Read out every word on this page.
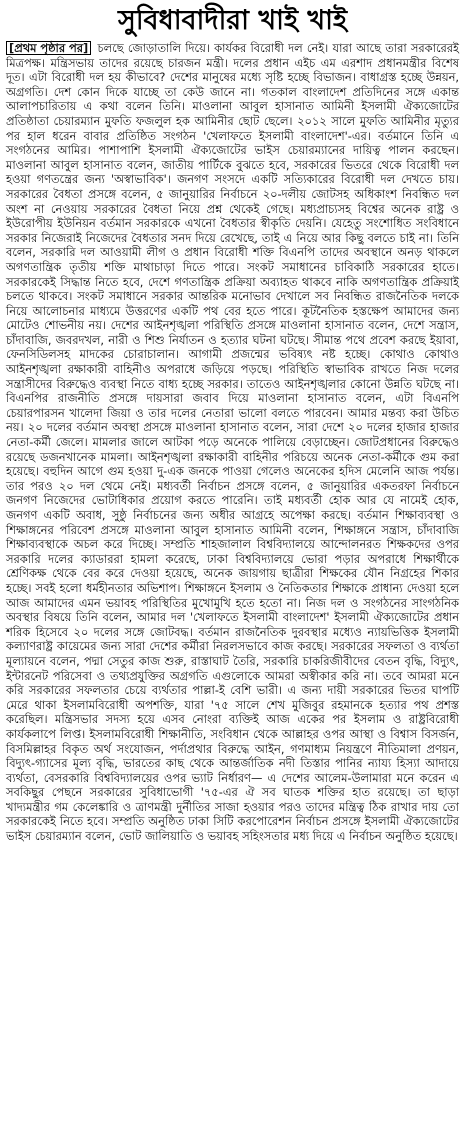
সুবিধাবাদীরা খাই খাই

[প্রথম পৃষ্ঠার পর] চলছে জোড়াতালি দিয়ে। কার্যকর বিরোধী দল নেই। যারা আছে তারা সরকারেরই মিত্রপক্ষ। মন্ত্রিসভায় তাদের রয়েছে চারজন মন্ত্রী। দলের প্রধান এইচ এম এরশাদ প্রধানমন্ত্রীর বিশেষ দূত। এটা বিরোধী দল হয় কীভাবে? দেশের মানুষের মধ্যে সৃষ্টি হচ্ছে বিভাজন। বাধাগ্রস্ত হচ্ছে উন্নয়ন, অগ্রগতি। দেশ কোন দিকে যাচ্ছে তা কেউ জানে না। গতকাল বাংলাদেশ প্রতিদিনের সঙ্গে একান্ত আলাপচারিতায় এ কথা বলেন তিনি। মাওলানা আবুল হাসানাত আমিনী ইসলামী ঐক্যজোটের প্রতিষ্ঠাতা চেয়ারম্যান মুফতি ফজলুল হক আমিনীর ছোট ছেলে। ২০১২ সালে মুফতি আমিনীর মৃত্যুর পর হাল ধরেন বাবার প্রতিষ্ঠিত সংগঠন 'খেলাফতে ইসলামী বাংলাদেশ'-এর। বর্তমানে তিনি এ সংগঠনের আমির। পাশাপাশি ইসলামী ঐক্যজোটের ভাইস চেয়ারম্যানের দায়িত্ব পালন করছেন। মাওলানা আবুল হাসানাত বলেন, জাতীয় পার্টিকে বুঝতে হবে, সরকারের ভিতরে থেকে বিরোধী দল হওয়া গণতন্ত্রের জন্য 'অস্বাভাবিক'। জনগণ সংসদে একটি সত্যিকারের বিরোধী দল দেখতে চায়। সরকারের বৈধতা প্রসঙ্গে বলেন, ৫ জানুয়ারির নির্বাচনে ২০-দলীয় জোটসহ অধিকাংশ নিবন্ধিত দল অংশ না নেওয়ায় সরকারের বৈধতা নিয়ে প্রশ্ন থেকেই গেছে। মধ্যপ্রাচ্যসহ বিশ্বের অনেক রাষ্ট্র ও ইউরোপীয় ইউনিয়ন বর্তমান সরকারকে এখনো বৈধতার স্বীকৃতি দেয়নি। যেহেতু সংশোধিত সংবিধানে সরকার নিজেরাই নিজেদের বৈধতার সনদ দিয়ে রেখেছে, তাই এ নিয়ে আর কিছু বলতে চাই না। তিনি বলেন, সরকারি দল আওয়ামী লীগ ও প্রধান বিরোধী শক্তি বিএনপি তাদের অবস্থানে অনড় থাকলে অগণতান্ত্রিক তৃতীয় শক্তি মাথাচাড়া দিতে পারে। সংকট সমাধানের চাবিকাঠি সরকারের হাতে। সরকারকেই সিদ্ধান্ত নিতে হবে, দেশে গণতান্ত্রিক প্রক্রিয়া অব্যাহত থাকবে নাকি অগণতান্ত্রিক প্রক্রিয়াই চলতে থাকবে। সংকট সমাধানে সরকার আন্তরিক মনোভাব দেখালে সব নিবন্ধিত রাজনৈতিক দলকে নিয়ে আলোচনার মাধ্যমে উত্তরণের একটি পথ বের হতে পারে। কূটনৈতিক হস্তক্ষেপ আমাদের জন্য মোটেও শোভনীয় নয়। দেশের আইনশৃঙ্খলা পরিস্থিতি প্রসঙ্গে মাওলানা হাসানাত বলেন, দেশে সন্ত্রাস, চাঁদাবাজি, জবরদখল, নারী ও শিশু নির্যাতন ও হত্যার ঘটনা ঘটছে। সীমান্ত পথে প্রবেশ করছে ইয়াবা, ফেনসিডিলসহ মাদকের চোরাচালান। আগামী প্রজন্মের ভবিষ্যৎ নষ্ট হচ্ছে। কোথাও কোথাও আইনশৃঙ্খলা রক্ষাকারী বাহিনীও অপরাধে জড়িয়ে পড়ছে। পরিস্থিতি স্বাভাবিক রাখতে নিজ দলের সন্ত্রাসীদের বিরুদ্ধেও ব্যবস্থা নিতে বাধ্য হচ্ছে সরকার। তাতেও আইনশৃঙ্খলার কোনো উন্নতি ঘটছে না। বিএনপির রাজনীতি প্রসঙ্গে দায়সারা জবাব দিয়ে মাওলানা হাসানাত বলেন, এটা বিএনপি চেয়ারপারসন খালেদা জিয়া ও তার দলের নেতারা ভালো বলতে পারবেন। আমার মন্তব্য করা উচিত নয়। ২০ দলের বর্তমান অবস্থা প্রসঙ্গে মাওলানা হাসানাত বলেন, সারা দেশে ২০ দলের হাজার হাজার নেতা-কর্মী জেলে। মামলার জালে আটকা পড়ে অনেকে পালিয়ে বেড়াচ্ছেন। জোটপ্রধানের বিরুদ্ধেও রয়েছে ডজনখানেক মামলা। আইনশৃঙ্খলা রক্ষাকারী বাহিনীর পরিচয়ে অনেক নেতা-কর্মীকে গুম করা হয়েছে। বহুদিন আগে গুম হওয়া দু-এক জনকে পাওয়া গেলেও অনেকের হদিস মেলেনি আজ পর্যন্ত। তার পরও ২০ দল থেমে নেই। মধ্যবর্তী নির্বাচন প্রসঙ্গে বলেন, ৫ জানুয়ারির একতরফা নির্বাচনে জনগণ নিজেদের ভোটাধিকার প্রয়োগ করতে পারেনি। তাই মধ্যবর্তী হোক আর যে নামেই হোক, জনগণ একটি অবাধ, সুষ্ঠু নির্বাচনের জন্য অধীর আগ্রহে অপেক্ষা করছে। বর্তমান শিক্ষাব্যবস্থা ও শিক্ষাঙ্গনের পরিবেশ প্রসঙ্গে মাওলানা আবুল হাসানাত আমিনী বলেন, শিক্ষাঙ্গনে সন্ত্রাস, চাঁদাবাজি শিক্ষাব্যবস্থাকে অচল করে দিচ্ছে। সম্প্রতি শাহজালাল বিশ্ববিদ্যালয়ে আন্দোলনরত শিক্ষকদের ওপর সরকারি দলের ক্যাডাররা হামলা করেছে, ঢাকা বিশ্ববিদ্যালয়ে ভোরা পড়ার অপরাধে শিক্ষার্থীকে শ্রেণিকক্ষ থেকে বের করে দেওয়া হয়েছে, অনেক জায়গায় ছাত্রীরা শিক্ষকের যৌন নিগ্রহের শিকার হচ্ছে। সবই হলো ধর্মহীনতার অভিশাপ। শিক্ষাঙ্গনে ইসলাম ও নৈতিকতার শিক্ষাকে প্রাধান্য দেওয়া হলে আজ আমাদের এমন ভয়াবহ পরিস্থিতির মুখোমুখি হতে হতো না। নিজ দল ও সংগঠনের সাংগঠনিক অবস্থার বিষয়ে তিনি বলেন, আমার দল 'খেলাফতে ইসলামী বাংলাদেশ' ইসলামী ঐক্যজোটের প্রধান শরিক হিসেবে ২০ দলের সঙ্গে জোটবদ্ধ। বর্তমান রাজনৈতিক দুরবস্থার মধ্যেও ন্যায়ভিত্তিক ইসলামী কল্যাণরাষ্ট্র কায়েমের জন্য সারা দেশের কর্মীরা নিরলসভাবে কাজ করছে। সরকারের সফলতা ও ব্যর্থতা মূল্যায়নে বলেন, পদ্মা সেতুর কাজ শুরু, রাস্তাঘাট তৈরি, সরকারি চাকরিজীবীদের বেতন বৃদ্ধি, বিদ্যুৎ, ইন্টারনেট পরিসেবা ও তথ্যপ্রযুক্তির অগ্রগতি এগুলোকে আমরা অস্বীকার করি না। তবে আমরা মনে করি সরকারের সফলতার চেয়ে ব্যর্থতার পাল্লা-ই বেশি ভারী। এ জন্য দায়ী সরকারের ভিতর ঘাপটি মেরে থাকা ইসলামবিরোধী অপশক্তি, যারা '৭৫ সালে শেখ মুজিবুর রহমানকে হত্যার পথ প্রশস্ত করেছিল। মন্ত্রিসভার সদস্য হয়ে এসব নোংরা ব্যক্তিই আজ একের পর ইসলাম ও রাষ্ট্রবিরোধী কার্যকলাপে লিপ্ত। ইসলামবিরোধী শিক্ষানীতি, সংবিধান থেকে আল্লাহর ওপর আস্থা ও বিশ্বাস বিসর্জন, বিসমিল্লাহর বিকৃত অর্থ সংযোজন, পর্দাপ্রথার বিরুদ্ধে আইন, গণমাধ্যম নিয়ন্ত্রণে নীতিমালা প্রণয়ন, বিদ্যুৎ-গ্যাসের মূল্য বৃদ্ধি, ভারতের কাছ থেকে আন্তর্জাতিক নদী তিস্তার পানির ন্যায্য হিস্যা আদায়ে ব্যর্থতা, বেসরকারি বিশ্ববিদ্যালয়ের ওপর ভ্যাট নির্ধারণ— এ দেশের আলেম-উলামারা মনে করেন এ সবকিছুর পেছনে সরকারের সুবিধাভোগী '৭৫-এর ঐ সব ঘাতক শক্তির হাত রয়েছে। তা ছাড়া খাদ্যমন্ত্রীর গম কেলেঙ্কারি ও ত্রাণমন্ত্রী দুর্নীতির সাজা হওয়ার পরও তাদের মন্ত্রিত্ব ঠিক রাখার দায় তো সরকারকেই নিতে হবে। সম্প্রতি অনুষ্ঠিত ঢাকা সিটি করপোরেশন নির্বাচন প্রসঙ্গে ইসলামী ঐক্যজোটের ভাইস চেয়ারম্যান বলেন, ভোট জালিয়াতি ও ভয়াবহ সহিংসতার মধ্য দিয়ে এ নির্বাচন অনুষ্ঠিত হয়েছে।
